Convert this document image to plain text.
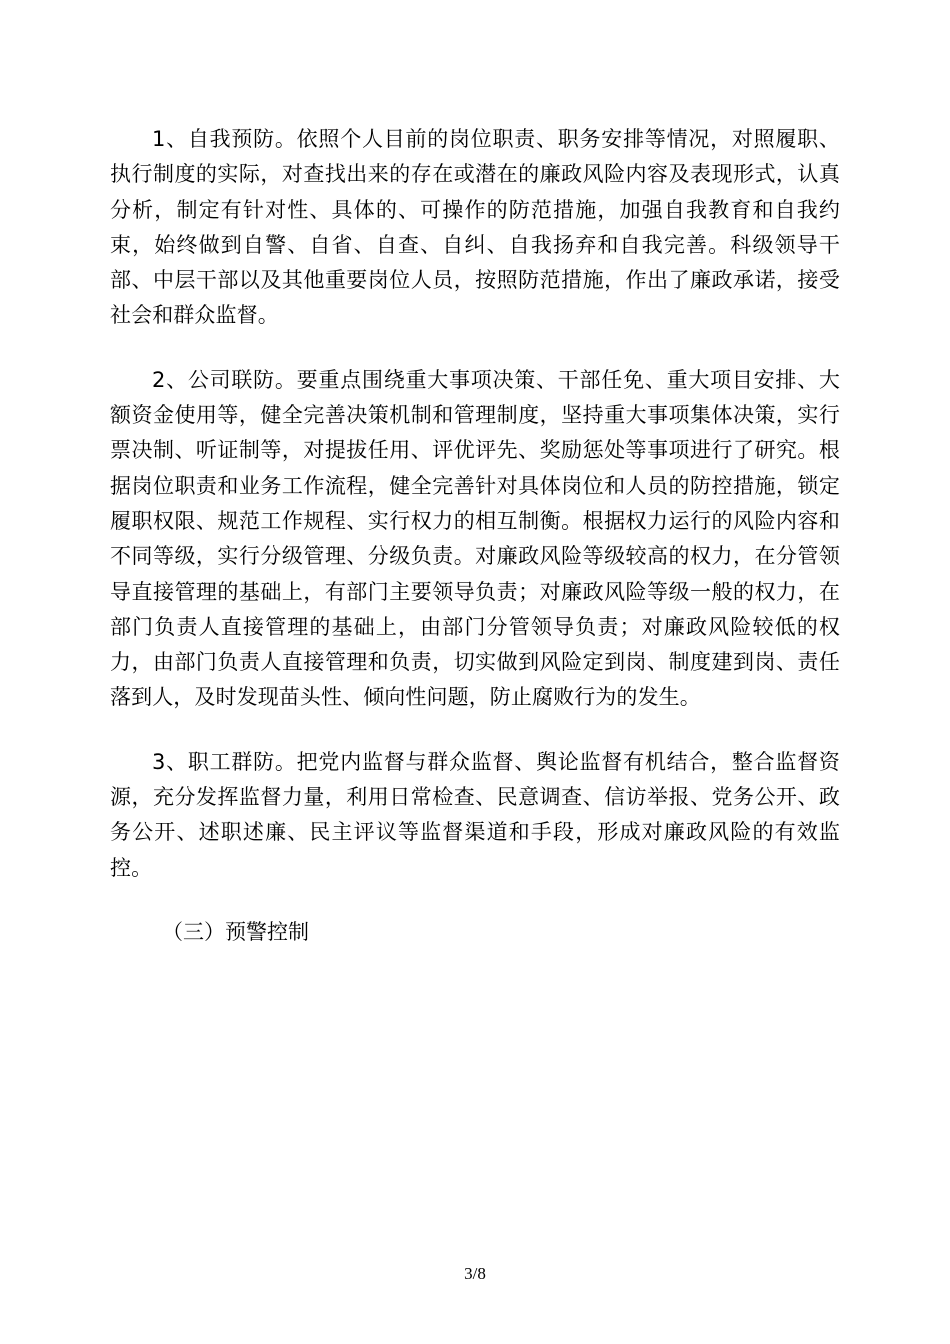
1、自我预防。依照个人目前的岗位职责、职务安排等情况，对照履职、执行制度的实际，对查找出来的存在或潜在的廉政风险内容及表现形式，认真分析，制定有针对性、具体的、可操作的防范措施，加强自我教育和自我约束，始终做到自警、自省、自查、自纠、自我扬弃和自我完善。科级领导干部、中层干部以及其他重要岗位人员，按照防范措施，作出了廉政承诺，接受社会和群众监督。

2、公司联防。要重点围绕重大事项决策、干部任免、重大项目安排、大额资金使用等，健全完善决策机制和管理制度，坚持重大事项集体决策，实行票决制、听证制等，对提拔任用、评优评先、奖励惩处等事项进行了研究。根据岗位职责和业务工作流程，健全完善针对具体岗位和人员的防控措施，锁定履职权限、规范工作规程、实行权力的相互制衡。根据权力运行的风险内容和不同等级，实行分级管理、分级负责。对廉政风险等级较高的权力，在分管领导直接管理的基础上，有部门主要领导负责；对廉政风险等级一般的权力，在部门负责人直接管理的基础上，由部门分管领导负责；对廉政风险较低的权力，由部门负责人直接管理和负责，切实做到风险定到岗、制度建到岗、责任落到人，及时发现苗头性、倾向性问题，防止腐败行为的发生。

3、职工群防。把党内监督与群众监督、舆论监督有机结合，整合监督资源，充分发挥监督力量，利用日常检查、民意调查、信访举报、党务公开、政务公开、述职述廉、民主评议等监督渠道和手段，形成对廉政风险的有效监控。

（三）预警控制

3/8
